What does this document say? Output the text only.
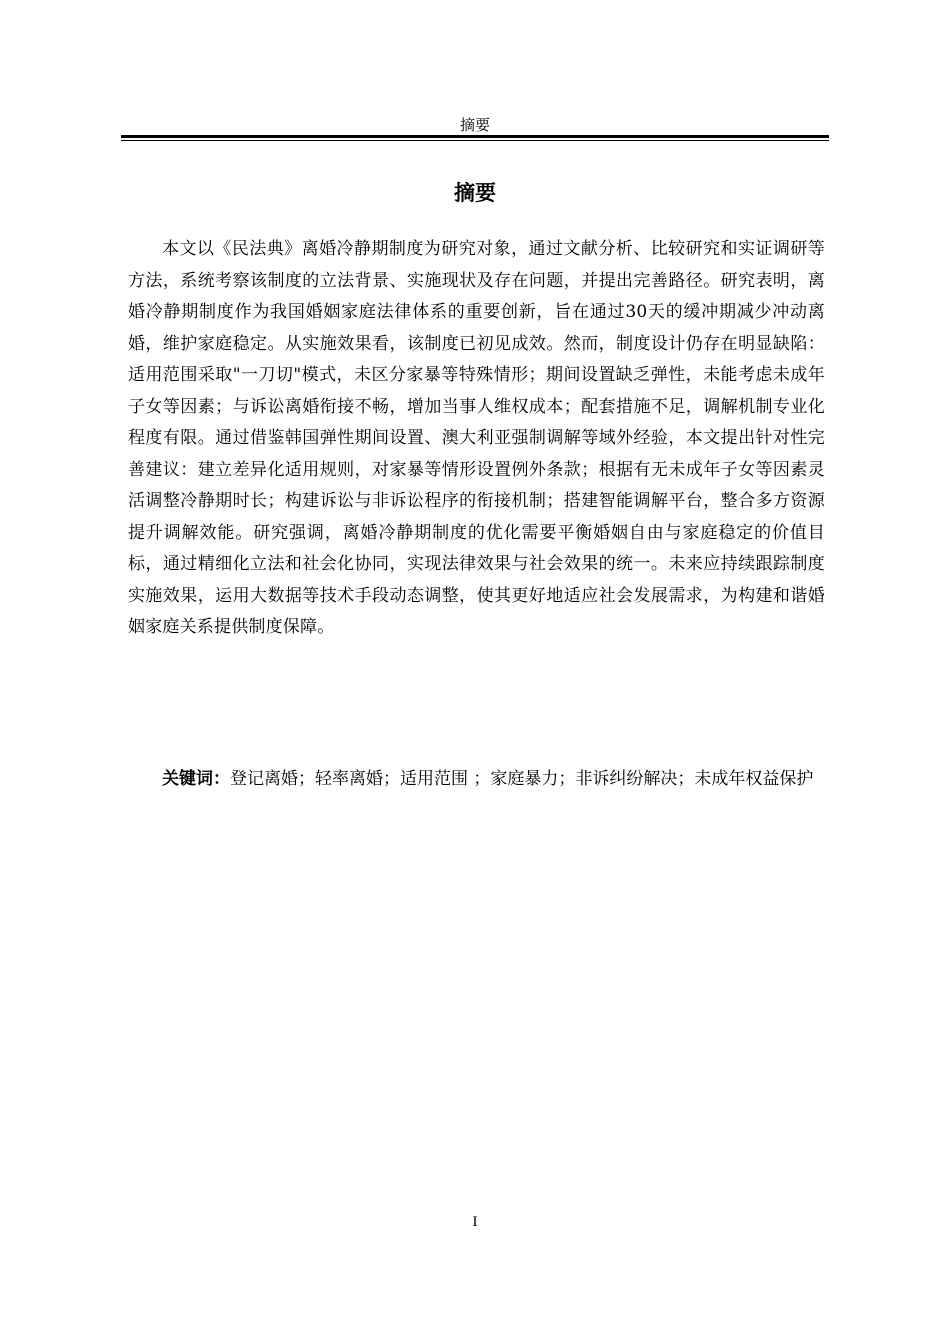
摘要
摘要

本文以《民法典》离婚冷静期制度为研究对象，通过文献分析、比较研究和实证调研等方法，系统考察该制度的立法背景、实施现状及存在问题，并提出完善路径。研究表明，离婚冷静期制度作为我国婚姻家庭法律体系的重要创新，旨在通过30天的缓冲期减少冲动离婚，维护家庭稳定。从实施效果看，该制度已初见成效。然而，制度设计仍存在明显缺陷：适用范围采取"一刀切"模式，未区分家暴等特殊情形；期间设置缺乏弹性，未能考虑未成年子女等因素；与诉讼离婚衔接不畅，增加当事人维权成本；配套措施不足，调解机制专业化程度有限。通过借鉴韩国弹性期间设置、澳大利亚强制调解等域外经验，本文提出针对性完善建议：建立差异化适用规则，对家暴等情形设置例外条款；根据有无未成年子女等因素灵活调整冷静期时长；构建诉讼与非诉讼程序的衔接机制；搭建智能调解平台，整合多方资源提升调解效能。研究强调，离婚冷静期制度的优化需要平衡婚姻自由与家庭稳定的价值目标，通过精细化立法和社会化协同，实现法律效果与社会效果的统一。未来应持续跟踪制度实施效果，运用大数据等技术手段动态调整，使其更好地适应社会发展需求，为构建和谐婚姻家庭关系提供制度保障。

关键词：登记离婚；轻率离婚；适用范围 ；家庭暴力；非诉纠纷解决；未成年权益保护

I
